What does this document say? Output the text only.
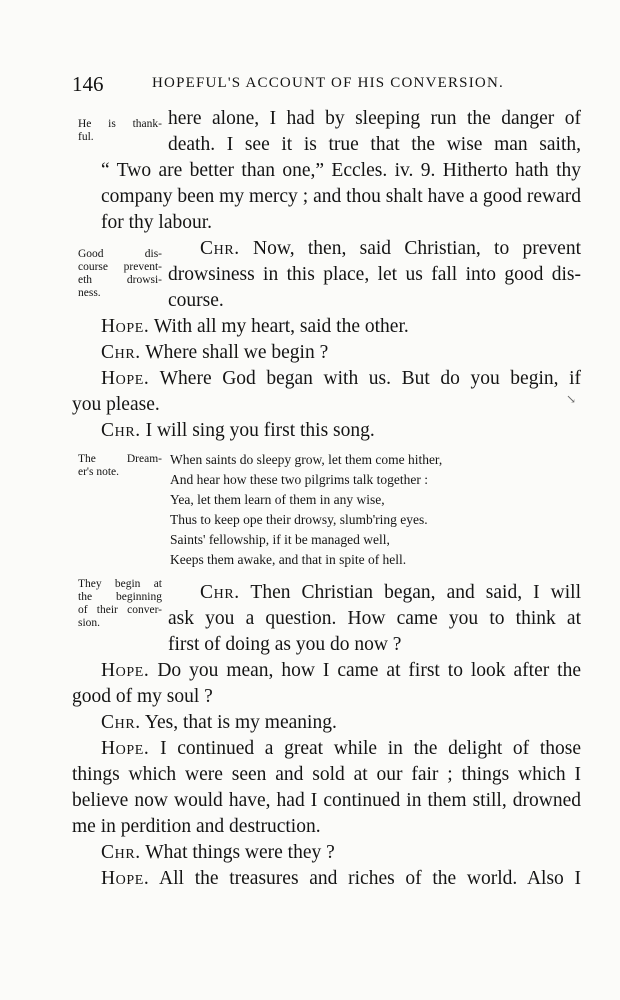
146	HOPEFUL'S ACCOUNT OF HIS CONVERSION.
He is thank-
ful.
Good dis-
course prevent-
eth drowsi-
ness.
The Dream-
er's note.
They begin at
the beginning
of their conver-
sion.
here alone, I had by sleeping run the danger of
death. I see it is true that the wise man saith,
“ Two are better than one,” Eccles. iv. 9. Hitherto hath thy
company been my mercy ; and thou shalt have a good reward
for thy labour.
Chr. Now, then, said Christian, to prevent
drowsiness in this place, let us fall into good dis-
course.
Hope. With all my heart, said the other.
Chr. Where shall we begin ?
Hope. Where God began with us. But do you begin, if
you please.	↘
Chr. I will sing you first this song.
When saints do sleepy grow, let them come hither,
And hear how these two pilgrims talk together :
Yea, let them learn of them in any wise,
Thus to keep ope their drowsy, slumb'ring eyes.
Saints' fellowship, if it be managed well,
Keeps them awake, and that in spite of hell.
Chr. Then Christian began, and said, I will
ask you a question. How came you to think at
first of doing as you do now ?
Hope. Do you mean, how I came at first to look after the
good of my soul ?
Chr. Yes, that is my meaning.
Hope. I continued a great while in the delight of those
things which were seen and sold at our fair ; things which I
believe now would have, had I continued in them still, drowned
me in perdition and destruction.
Chr. What things were they ?
Hope. All the treasures and riches of the world. Also I
